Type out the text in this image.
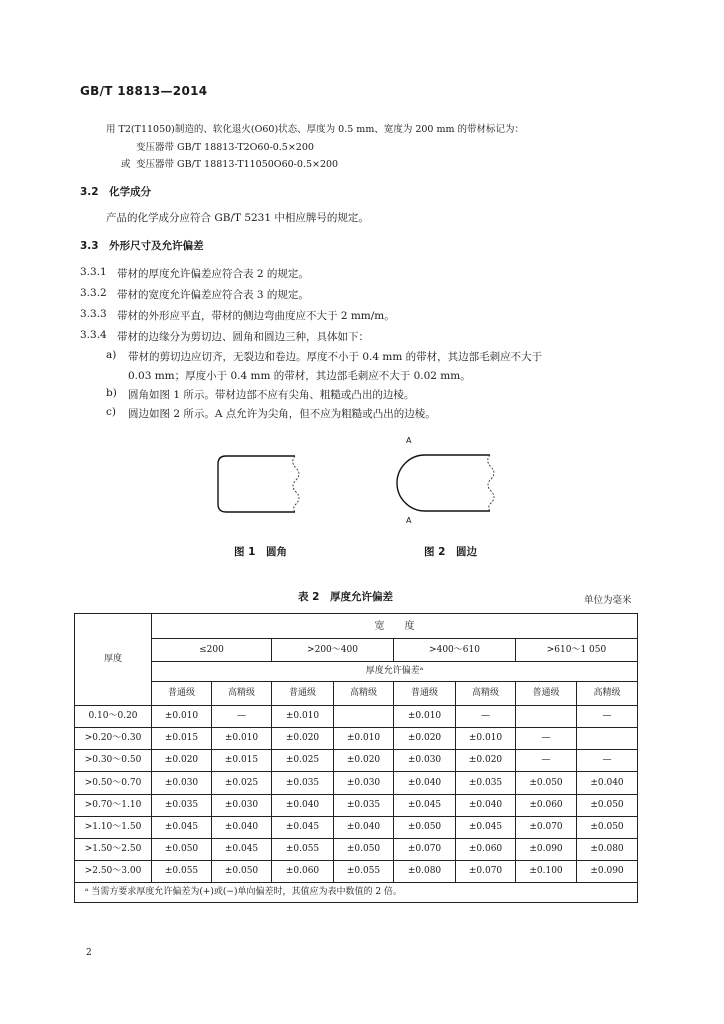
GB/T 18813—2014
用 T2(T11050)制造的、软化退火(O60)状态、厚度为 0.5 mm、宽度为 200 mm 的带材标记为：
变压器带 GB/T 18813-T2O60-0.5×200
或 变压器带 GB/T 18813-T11050O60-0.5×200
3.2　化学成分
产品的化学成分应符合 GB/T 5231 中相应牌号的规定。
3.3　外形尺寸及允许偏差
3.3.1 带材的厚度允许偏差应符合表 2 的规定。
3.3.2 带材的宽度允许偏差应符合表 3 的规定。
3.3.3 带材的外形应平直，带材的侧边弯曲度应不大于 2 mm/m。
3.3.4 带材的边缘分为剪切边、圆角和圆边三种，具体如下：
a) 带材的剪切边应切齐，无裂边和卷边。厚度不小于 0.4 mm 的带材，其边部毛刺应不大于
0.03 mm；厚度小于 0.4 mm 的带材，其边部毛刺应不大于 0.02 mm。
b) 圆角如图 1 所示。带材边部不应有尖角、粗糙或凸出的边棱。
c) 圆边如图 2 所示。A 点允许为尖角，但不应为粗糙或凸出的边棱。
图 1　圆角
A
A
图 2　圆边
表 2　厚度允许偏差	单位为毫米
厚度	宽　　度							
	≤200		>200～400		>400～610		>610～1 050	
	厚度允许偏差ᵃ							
	普通级	高精级	普通级	高精级	普通级	高精级	普通级	高精级
0.10～0.20	±0.010	—	±0.010		±0.010	—		—
>0.20～0.30	±0.015	±0.010	±0.020	±0.010	±0.020	±0.010	—	
>0.30～0.50	±0.020	±0.015	±0.025	±0.020	±0.030	±0.020	—	—
>0.50～0.70	±0.030	±0.025	±0.035	±0.030	±0.040	±0.035	±0.050	±0.040
>0.70～1.10	±0.035	±0.030	±0.040	±0.035	±0.045	±0.040	±0.060	±0.050
>1.10～1.50	±0.045	±0.040	±0.045	±0.040	±0.050	±0.045	±0.070	±0.050
>1.50～2.50	±0.050	±0.045	±0.055	±0.050	±0.070	±0.060	±0.090	±0.080
>2.50～3.00	±0.055	±0.050	±0.060	±0.055	±0.080	±0.070	±0.100	±0.090
ᵃ 当需方要求厚度允许偏差为(+)或(−)单向偏差时，其值应为表中数值的 2 倍。								
2
